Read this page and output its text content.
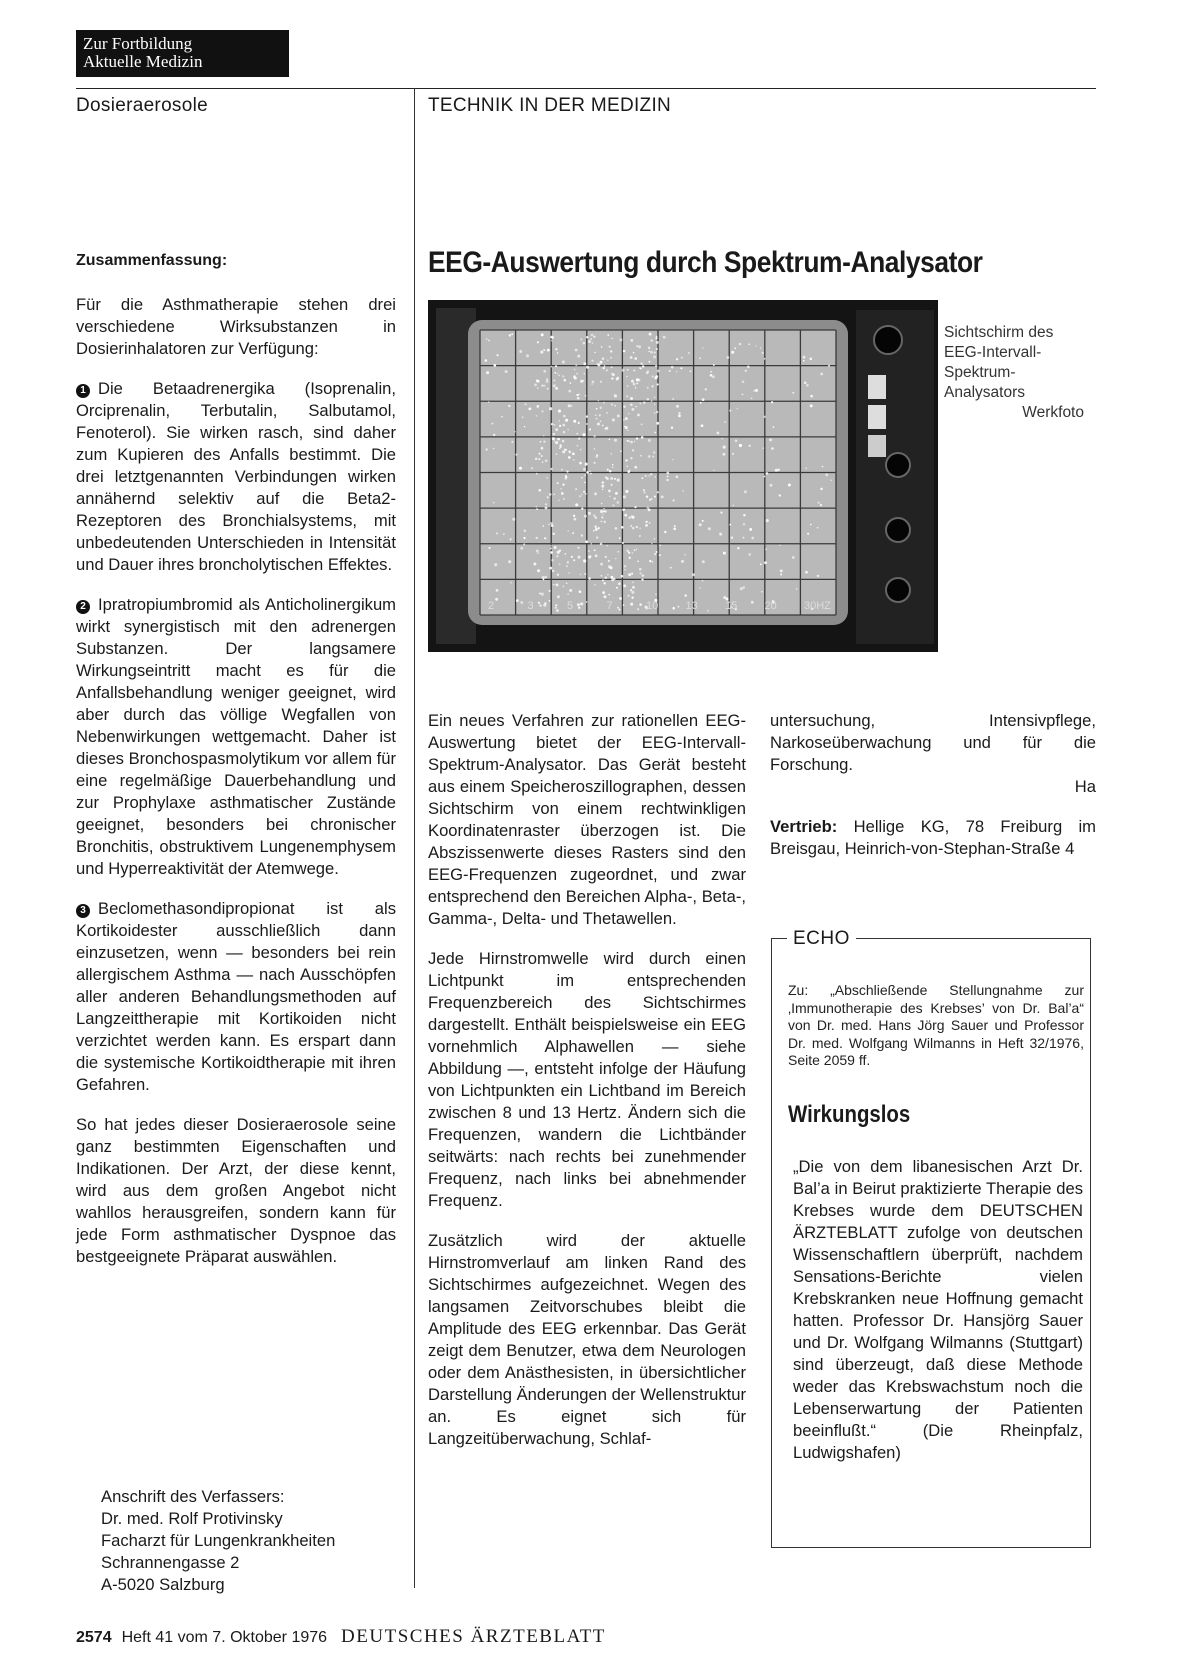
Zur Fortbildung
Aktuelle Medizin
Dosieraerosole	TECHNIK IN DER MEDIZIN

Zusammenfassung:

Für die Asthmatherapie stehen drei verschiedene Wirksubstanzen in Dosierinhalatoren zur Verfügung:

1 Die Betaadrenergika (Isoprenalin, Orciprenalin, Terbutalin, Salbutamol, Fenoterol). Sie wirken rasch, sind daher zum Kupieren des Anfalls bestimmt. Die drei letztgenannten Verbindungen wirken annähernd selektiv auf die Beta2-Rezeptoren des Bronchialsystems, mit unbedeutenden Unterschieden in Intensität und Dauer ihres broncholytischen Effektes.

2 Ipratropiumbromid als Anticholinergikum wirkt synergistisch mit den adrenergen Substanzen. Der langsamere Wirkungseintritt macht es für die Anfallsbehandlung weniger geeignet, wird aber durch das völlige Wegfallen von Nebenwirkungen wettgemacht. Daher ist dieses Bronchospasmolytikum vor allem für eine regelmäßige Dauerbehandlung und zur Prophylaxe asthmatischer Zustände geeignet, besonders bei chronischer Bronchitis, obstruktivem Lungenemphysem und Hyperreaktivität der Atemwege.

3 Beclomethasondipropionat ist als Kortikoidester ausschließlich dann einzusetzen, wenn — besonders bei rein allergischem Asthma — nach Ausschöpfen aller anderen Behandlungsmethoden auf Langzeittherapie mit Kortikoiden nicht verzichtet werden kann. Es erspart dann die systemische Kortikoidtherapie mit ihren Gefahren.

So hat jedes dieser Dosieraerosole seine ganz bestimmten Eigenschaften und Indikationen. Der Arzt, der diese kennt, wird aus dem großen Angebot nicht wahllos herausgreifen, sondern kann für jede Form asthmatischer Dyspnoe das bestgeeignete Präparat auswählen.

Anschrift des Verfassers:
Dr. med. Rolf Protivinsky
Facharzt für Lungenkrankheiten
Schrannengasse 2
A-5020 Salzburg
EEG-Auswertung durch Spektrum-Analysator
2	3	5	7	10 13 15 20 30HZ
Sichtschirm des EEG-Intervall-Spektrum-Analysators
Werkfoto

Ein neues Verfahren zur rationellen EEG-Auswertung bietet der EEG-Intervall-Spektrum-Analysator. Das Gerät besteht aus einem Speicheroszillographen, dessen Sichtschirm von einem rechtwinkligen Koordinatenraster überzogen ist. Die Abszissenwerte dieses Rasters sind den EEG-Frequenzen zugeordnet, und zwar entsprechend den Bereichen Alpha-, Beta-, Gamma-, Delta- und Thetawellen.

Jede Hirnstromwelle wird durch einen Lichtpunkt im entsprechenden Frequenzbereich des Sichtschirmes dargestellt. Enthält beispielsweise ein EEG vornehmlich Alphawellen — siehe Abbildung —, entsteht infolge der Häufung von Lichtpunkten ein Lichtband im Bereich zwischen 8 und 13 Hertz. Ändern sich die Frequenzen, wandern die Lichtbänder seitwärts: nach rechts bei zunehmender Frequenz, nach links bei abnehmender Frequenz.

Zusätzlich wird der aktuelle Hirnstromverlauf am linken Rand des Sichtschirmes aufgezeichnet. Wegen des langsamen Zeitvorschubes bleibt die Amplitude des EEG erkennbar. Das Gerät zeigt dem Benutzer, etwa dem Neurologen oder dem Anästhesisten, in übersichtlicher Darstellung Änderungen der Wellenstruktur an. Es eignet sich für Langzeitüberwachung, Schlaf-

untersuchung, Intensivpflege, Narkoseüberwachung und für die Forschung.

Ha

Vertrieb: Hellige KG, 78 Freiburg im Breisgau, Heinrich-von-Stephan-Straße 4

ECHO
Zu: „Abschließende Stellungnahme zur ‚Immunotherapie des Krebses’ von Dr. Bal’a“ von Dr. med. Hans Jörg Sauer und Professor Dr. med. Wolfgang Wilmanns in Heft 32/1976, Seite 2059 ff.
Wirkungslos
„Die von dem libanesischen Arzt Dr. Bal’a in Beirut praktizierte Therapie des Krebses wurde dem DEUTSCHEN ÄRZTEBLATT zufolge von deutschen Wissenschaftlern überprüft, nachdem Sensations-Berichte vielen Krebskranken neue Hoffnung gemacht hatten. Professor Dr. Hansjörg Sauer und Dr. Wolfgang Wilmanns (Stuttgart) sind überzeugt, daß diese Methode weder das Krebswachstum noch die Lebenserwartung der Patienten beeinflußt.“ (Die Rheinpfalz, Ludwigshafen)
2574 Heft 41 vom 7. Oktober 1976 DEUTSCHES ÄRZTEBLATT
